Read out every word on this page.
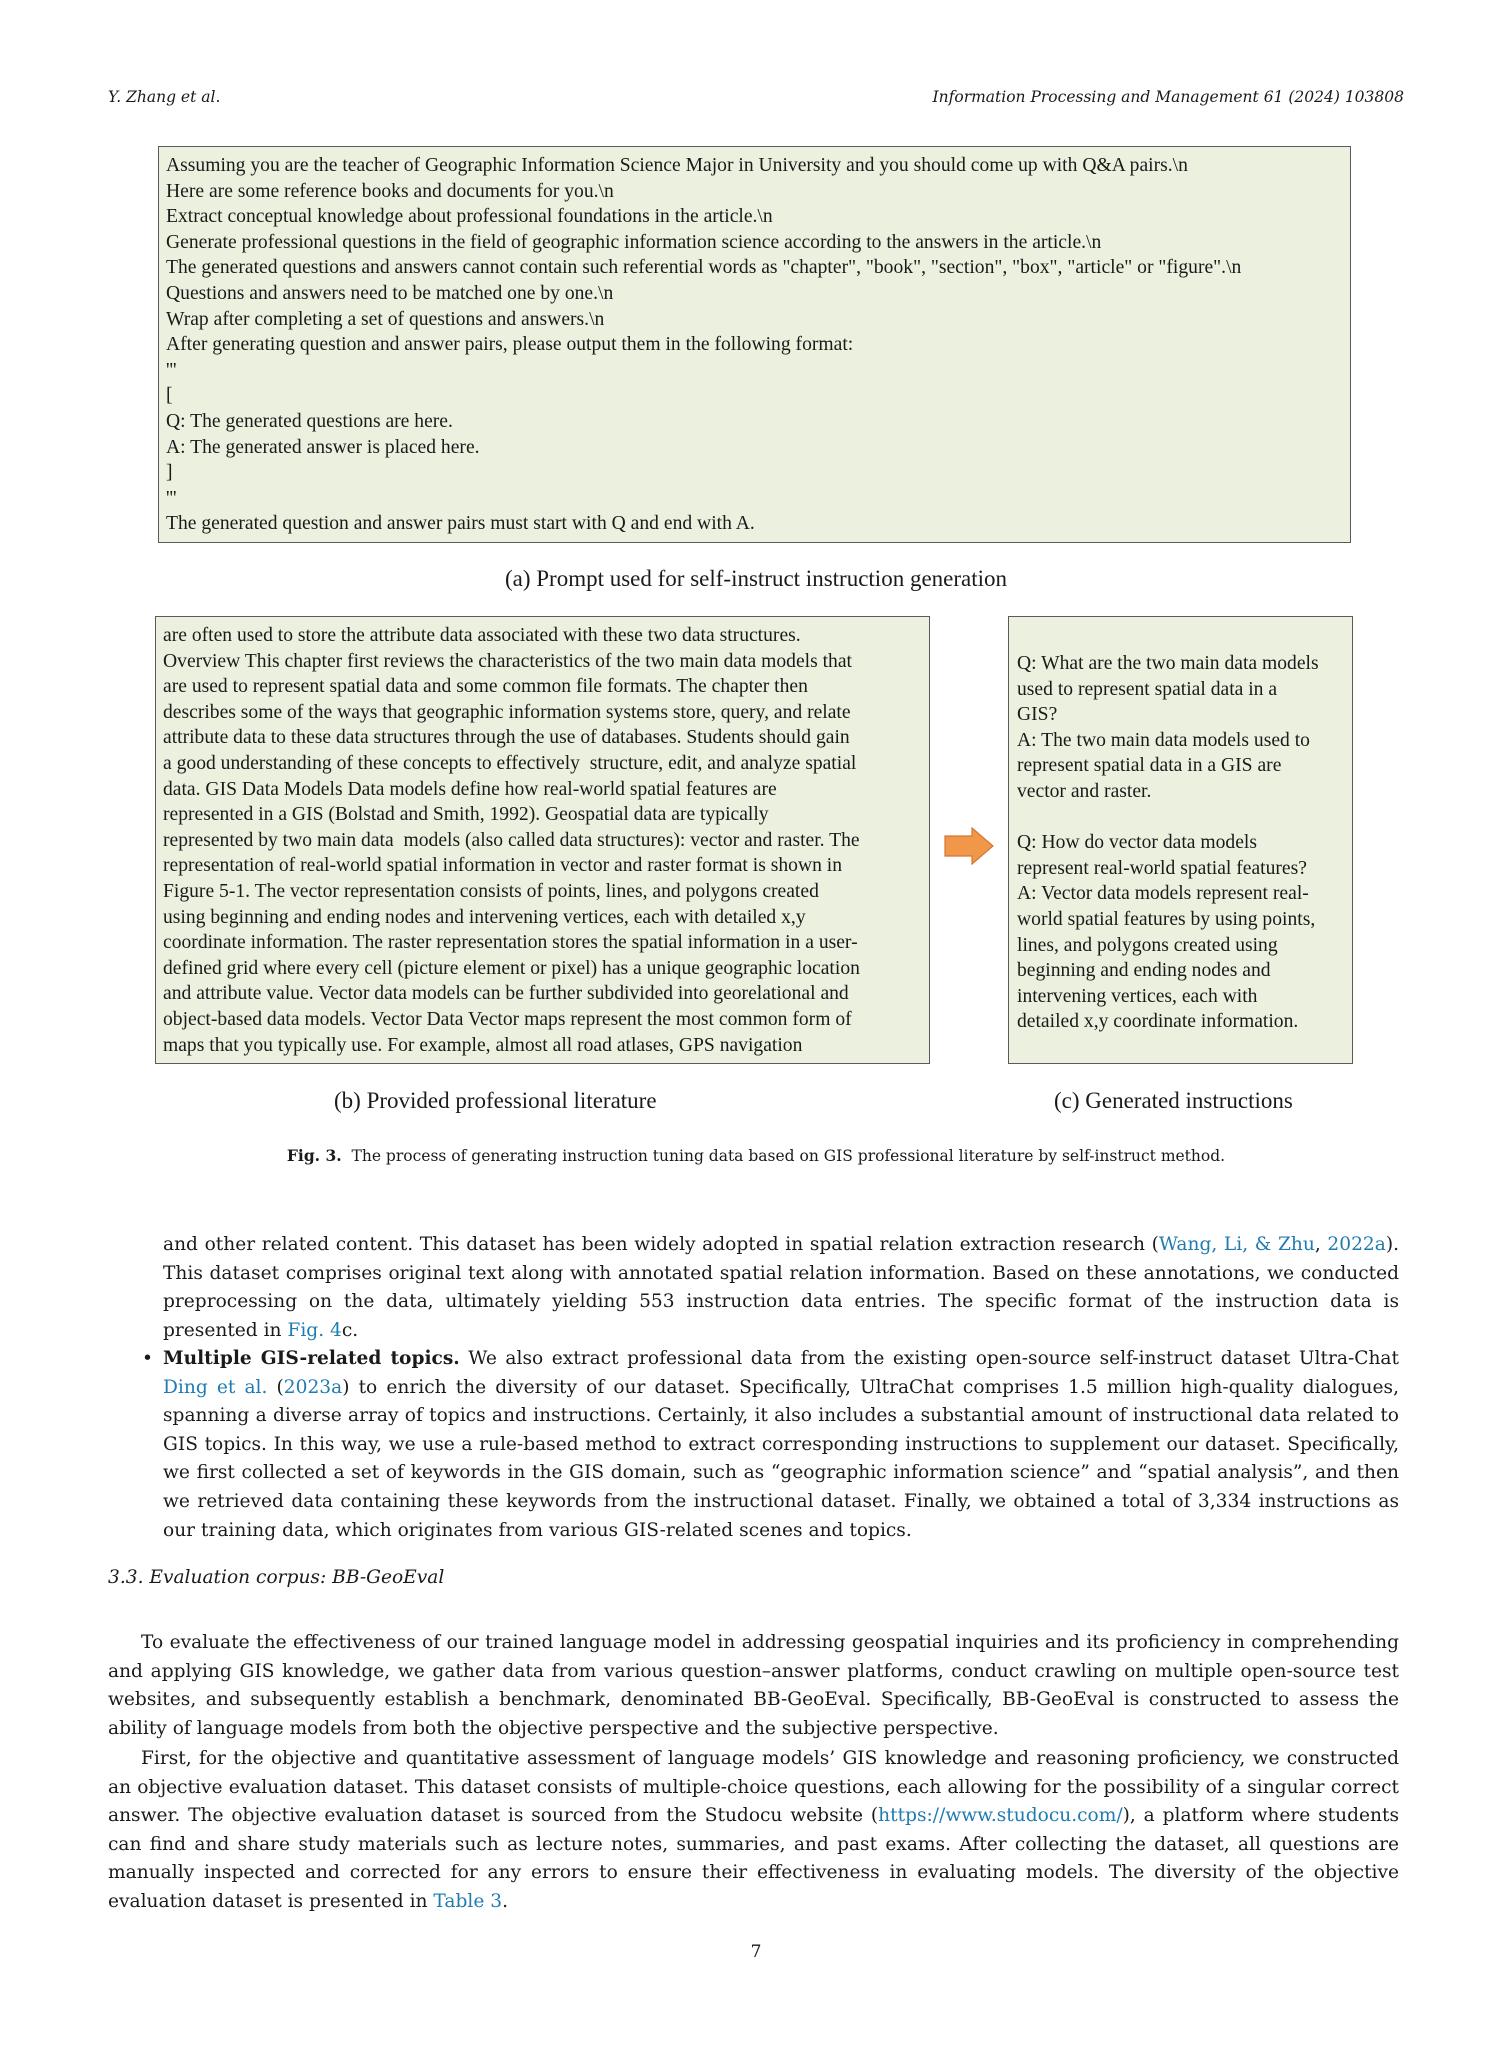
Y. Zhang et al.	Information Processing and Management 61 (2024) 103808
Assuming you are the teacher of Geographic Information Science Major in University and you should come up with Q&A pairs.\n
Here are some reference books and documents for you.\n
Extract conceptual knowledge about professional foundations in the article.\n
Generate professional questions in the field of geographic information science according to the answers in the article.\n
The generated questions and answers cannot contain such referential words as "chapter", "book", "section", "box", "article" or "figure".\n
Questions and answers need to be matched one by one.\n
Wrap after completing a set of questions and answers.\n
After generating question and answer pairs, please output them in the following format:
'''
[
Q: The generated questions are here.
A: The generated answer is placed here.
]
'''
The generated question and answer pairs must start with Q and end with A.
(a) Prompt used for self-instruct instruction generation
are often used to store the attribute data associated with these two data structures.
Overview This chapter first reviews the characteristics of the two main data models that
are used to represent spatial data and some common file formats. The chapter then
describes some of the ways that geographic information systems store, query, and relate
attribute data to these data structures through the use of databases. Students should gain
a good understanding of these concepts to effectively  structure, edit, and analyze spatial
data. GIS Data Models Data models define how real-world spatial features are
represented in a GIS (Bolstad and Smith, 1992). Geospatial data are typically
represented by two main data  models (also called data structures): vector and raster. The
representation of real-world spatial information in vector and raster format is shown in
Figure 5-1. The vector representation consists of points, lines, and polygons created
using beginning and ending nodes and intervening vertices, each with detailed x,y
coordinate information. The raster representation stores the spatial information in a user-
defined grid where every cell (picture element or pixel) has a unique geographic location
and attribute value. Vector data models can be further subdivided into georelational and
object-based data models. Vector Data Vector maps represent the most common form of
maps that you typically use. For example, almost all road atlases, GPS navigation
Q: What are the two main data models
used to represent spatial data in a
GIS?
A: The two main data models used to
represent spatial data in a GIS are
vector and raster.
Q: How do vector data models
represent real-world spatial features?
A: Vector data models represent real-
world spatial features by using points,
lines, and polygons created using
beginning and ending nodes and
intervening vertices, each with
detailed x,y coordinate information.
(b) Provided professional literature	(c) Generated instructions
Fig. 3. The process of generating instruction tuning data based on GIS professional literature by self-instruct method.
and other related content. This dataset has been widely adopted in spatial relation extraction research (Wang, Li, & Zhu, 2022a). This dataset comprises original text along with annotated spatial relation information. Based on these annotations, we conducted preprocessing on the data, ultimately yielding 553 instruction data entries. The specific format of the instruction data is presented in Fig. 4c.
• Multiple GIS-related topics. We also extract professional data from the existing open-source self-instruct dataset Ultra-Chat Ding et al. (2023a) to enrich the diversity of our dataset. Specifically, UltraChat comprises 1.5 million high-quality dialogues, spanning a diverse array of topics and instructions. Certainly, it also includes a substantial amount of instructional data related to GIS topics. In this way, we use a rule-based method to extract corresponding instructions to supplement our dataset. Specifically, we first collected a set of keywords in the GIS domain, such as “geographic information science” and “spatial analysis”, and then we retrieved data containing these keywords from the instructional dataset. Finally, we obtained a total of 3,334 instructions as our training data, which originates from various GIS-related scenes and topics.
3.3. Evaluation corpus: BB-GeoEval
To evaluate the effectiveness of our trained language model in addressing geospatial inquiries and its proficiency in comprehending and applying GIS knowledge, we gather data from various question–answer platforms, conduct crawling on multiple open-source test websites, and subsequently establish a benchmark, denominated BB-GeoEval. Specifically, BB-GeoEval is constructed to assess the ability of language models from both the objective perspective and the subjective perspective.
First, for the objective and quantitative assessment of language models’ GIS knowledge and reasoning proficiency, we constructed an objective evaluation dataset. This dataset consists of multiple-choice questions, each allowing for the possibility of a singular correct answer. The objective evaluation dataset is sourced from the Studocu website (https://www.studocu.com/), a platform where students can find and share study materials such as lecture notes, summaries, and past exams. After collecting the dataset, all questions are manually inspected and corrected for any errors to ensure their effectiveness in evaluating models. The diversity of the objective evaluation dataset is presented in Table 3.
7
